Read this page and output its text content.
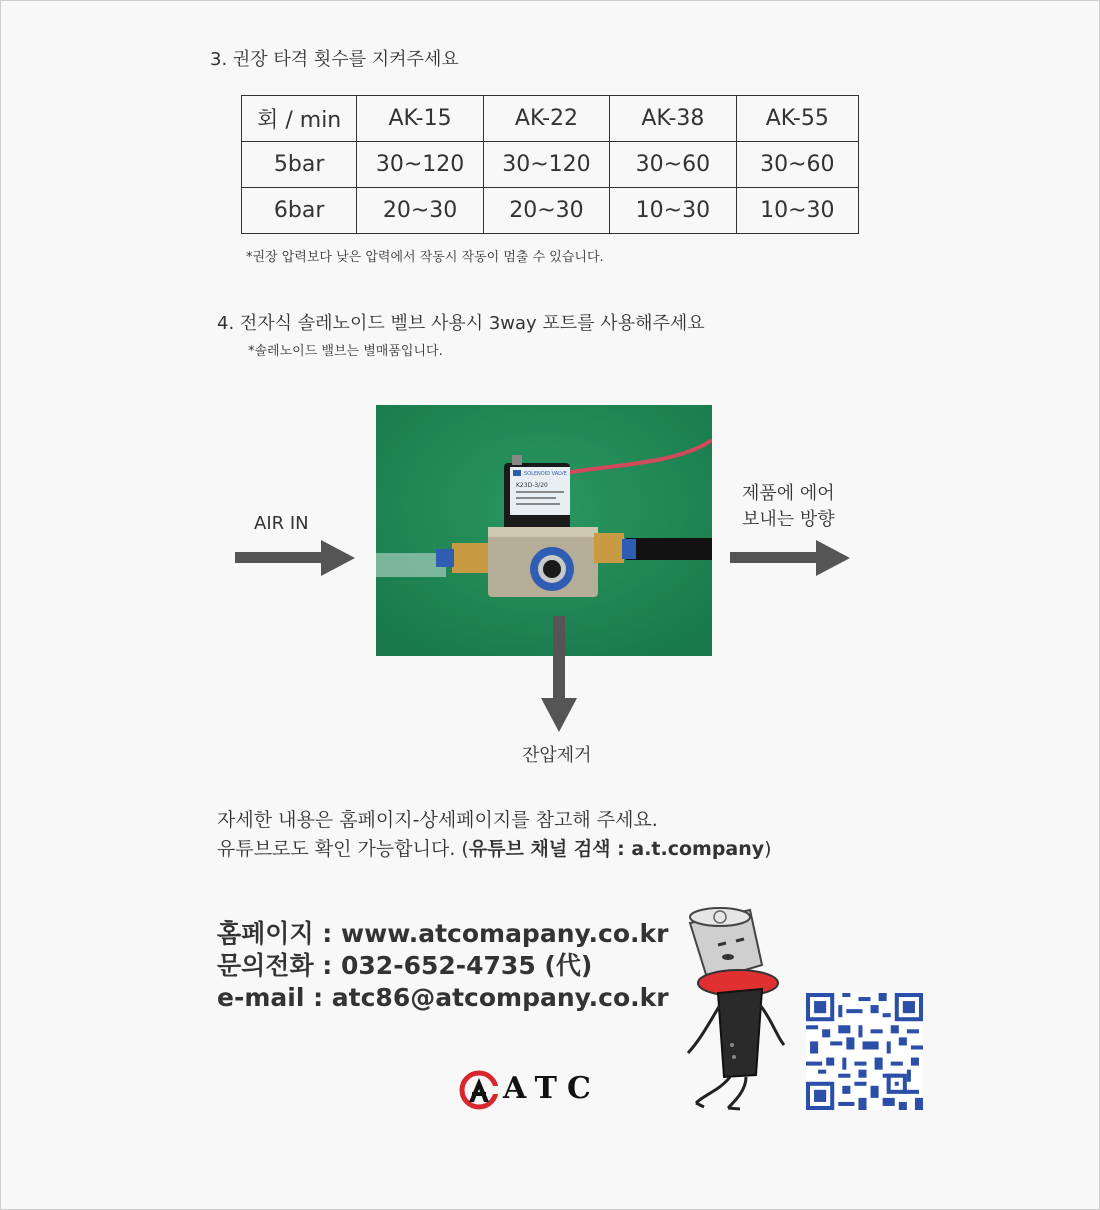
3. 권장 타격 횟수를 지켜주세요
회 / min	AK-15	AK-22	AK-38	AK-55
5bar	30~120	30~120	30~60	30~60
6bar	20~30	20~30	10~30	10~30
*권장 압력보다 낮은 압력에서 작동시 작동이 멈출 수 있습니다.
4. 전자식 솔레노이드 벨브 사용시 3way 포트를 사용해주세요
*솔레노이드 밸브는 별매품입니다.
AIR IN
SOLENOID VALVE
K23D-3/20
잔압제거
제품에 에어
보내는 방향
자세한 내용은 홈페이지-상세페이지를 참고해 주세요.
유튜브로도 확인 가능합니다. (유튜브 채널 검색 : a.t.company)
홈페이지 : www.atcomapany.co.kr
문의전화 : 032-652-4735 (代)
e-mail : atc86@atcompany.co.kr
ATC
